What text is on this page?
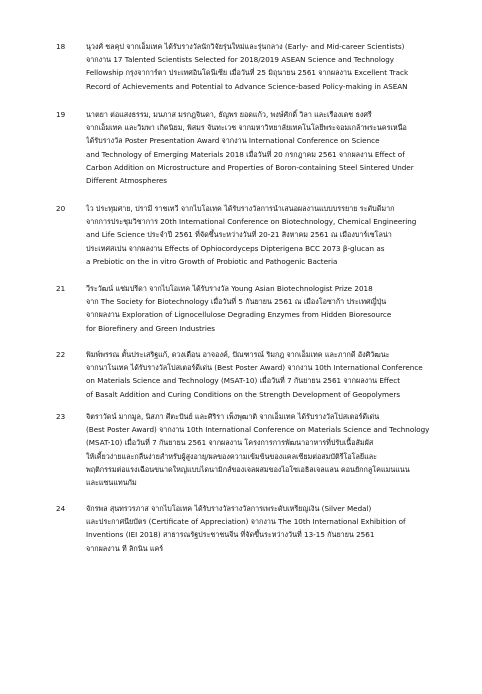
18	นุวงศ์ ชลคุป จากเอ็มเทค ได้รับรางวัลนักวิจัยรุ่นใหม่และรุ่นกลาง (Early- and Mid-career Scientists)
จากงาน 17 Talented Scientists Selected for 2018/2019 ASEAN Science and Technology
Fellowship กรุงจาการ์ตา ประเทศอินโดนีเซีย เมื่อวันที่ 25 มิถุนายน 2561 จากผลงาน Excellent Track
Record of Achievements and Potential to Advance Science-based Policy-making in ASEAN
19	นาตยา ต่อแสงธรรม, มนภาส มรกฎจินดา, ธัญพร ยอดแก้ว, พงษ์ศักดิ์ วิลา และเรืองเดช ธงศรี
จากเอ็มเทค และวิมพา เกิดนิยม, พิสมร จันทะเวช จากมหาวิทยาลัยเทคโนโลยีพระจอมเกล้าพระนครเหนือ
ได้รับรางวัล Poster Presentation Award จากงาน International Conference on Science
and Technology of Emerging Materials 2018 เมื่อวันที่ 20 กรกฎาคม 2561 จากผลงาน Effect of
Carbon Addition on Microstructure and Properties of Boron-containing Steel Sintered Under
Different Atmospheres
20	ไว ประทุมศาย, ปรามี ราชเทวี จากไบโอเทค ได้รับรางวัลการนำเสนอผลงานแบบบรรยาย ระดับดีมาก
จากการประชุมวิชาการ 20th International Conference on Biotechnology, Chemical Engineering
and Life Science ประจำปี 2561 ที่จัดขึ้นระหว่างวันที่ 20-21 สิงหาคม 2561 ณ เมืองบาร์เซโลน่า
ประเทศสเปน จากผลงาน Effects of Ophiocordyceps Dipterigena BCC 2073 β-glucan as
a Prebiotic on the in vitro Growth of Probiotic and Pathogenic Bacteria
21	วีระวัฒน์ แช่มปรีดา จากไบโอเทค ได้รับรางวัล Young Asian Biotechnologist Prize 2018
จาก The Society for Biotechnology เมื่อวันที่ 5 กันยายน 2561 ณ เมืองโอซาก้า ประเทศญี่ปุ่น
จากผลงาน Exploration of Lignocellulose Degrading Enzymes from Hidden Bioresource
for Biorefinery and Green Industries
22	พิมพ์พรรณ ตั้นประเสริฐแก้, ดวงเดือน อาจองค์, ปัณฑารณ์ ริมกฎ จากเอ็มเทค และภากดี อังศิวัฒนะ
จากนาโนเทค ได้รับรางวัลโปสเตอร์ดีเด่น (Best Poster Award) จากงาน 10th International Conference
on Materials Science and Technology (MSAT-10) เมื่อวันที่ 7 กันยายน 2561 จากผลงาน Effect
of Basalt Addition and Curing Conditions on the Strength Development of Geopolymers
23	จิตราวัดน์ มากมูล, นิสภา ศีตะปันย์ และศิริรา เพ็งพุฒาติ จากเอ็มเทค ได้รับรางวัลโปสเตอร์ดีเด่น
(Best Poster Award) จากงาน 10th International Conference on Materials Science and Technology
(MSAT-10) เมื่อวันที่ 7 กันยายน 2561 จากผลงาน โครงการการพัฒนาอาหารที่ปรับเนื้อสัมผัส
ให้เคี้ยวง่ายและกลืนง่ายสำหรับผู้สูงอายุ/ผลของความเข้มข้นของแคลเซียมต่อสมบัติรีโอโลยีและ
พฤติกรรมต่อแรงเฉือนขนาดใหญ่แบบไดนามิกส์ของเจลผสมของไอโซเอธิลเจลแลน คอนยักกลูโคแมนแนน
และแซนแทนกัม
24	จักรพล สุนทรวรภาส จากไบโอเทค ได้รับรางวัลรางวัลการเพระดับเหรียญเงิน (Silver Medal)
และประกาศนียบัตร (Certificate of Appreciation) จากงาน The 10th International Exhibition of
Inventions (IEI 2018) สาธารณรัฐประชาชนจีน ที่จัดขึ้นระหว่างวันที่ 13-15 กันยายน 2561
จากผลงาน ที ลิกนิน แคร์
